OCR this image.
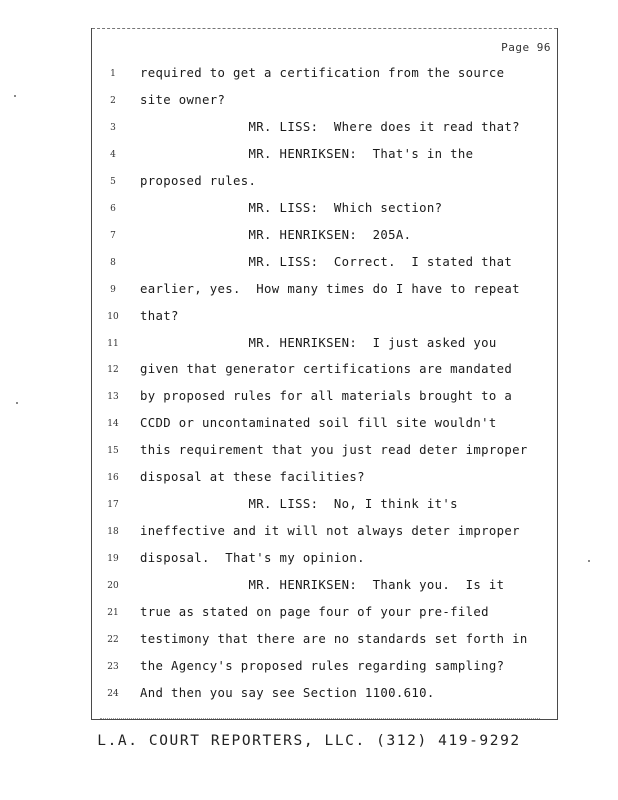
Page 96
1	required to get a certification from the source
2	site owner?
3	MR. LISS:  Where does it read that?
4	MR. HENRIKSEN:  That's in the
5	proposed rules.
6	MR. LISS:  Which section?
7	MR. HENRIKSEN:  205A.
8	MR. LISS:  Correct.  I stated that
9	earlier, yes.  How many times do I have to repeat
10	that?
11	MR. HENRIKSEN:  I just asked you
12	given that generator certifications are mandated
13	by proposed rules for all materials brought to a
14	CCDD or uncontaminated soil fill site wouldn't
15	this requirement that you just read deter improper
16	disposal at these facilities?
17	MR. LISS:  No, I think it's
18	ineffective and it will not always deter improper
19	disposal.  That's my opinion.
20	MR. HENRIKSEN:  Thank you.  Is it
21	true as stated on page four of your pre-filed
22	testimony that there are no standards set forth in
23	the Agency's proposed rules regarding sampling?
24	And then you say see Section 1100.610.
L.A. COURT REPORTERS, LLC. (312) 419-9292
